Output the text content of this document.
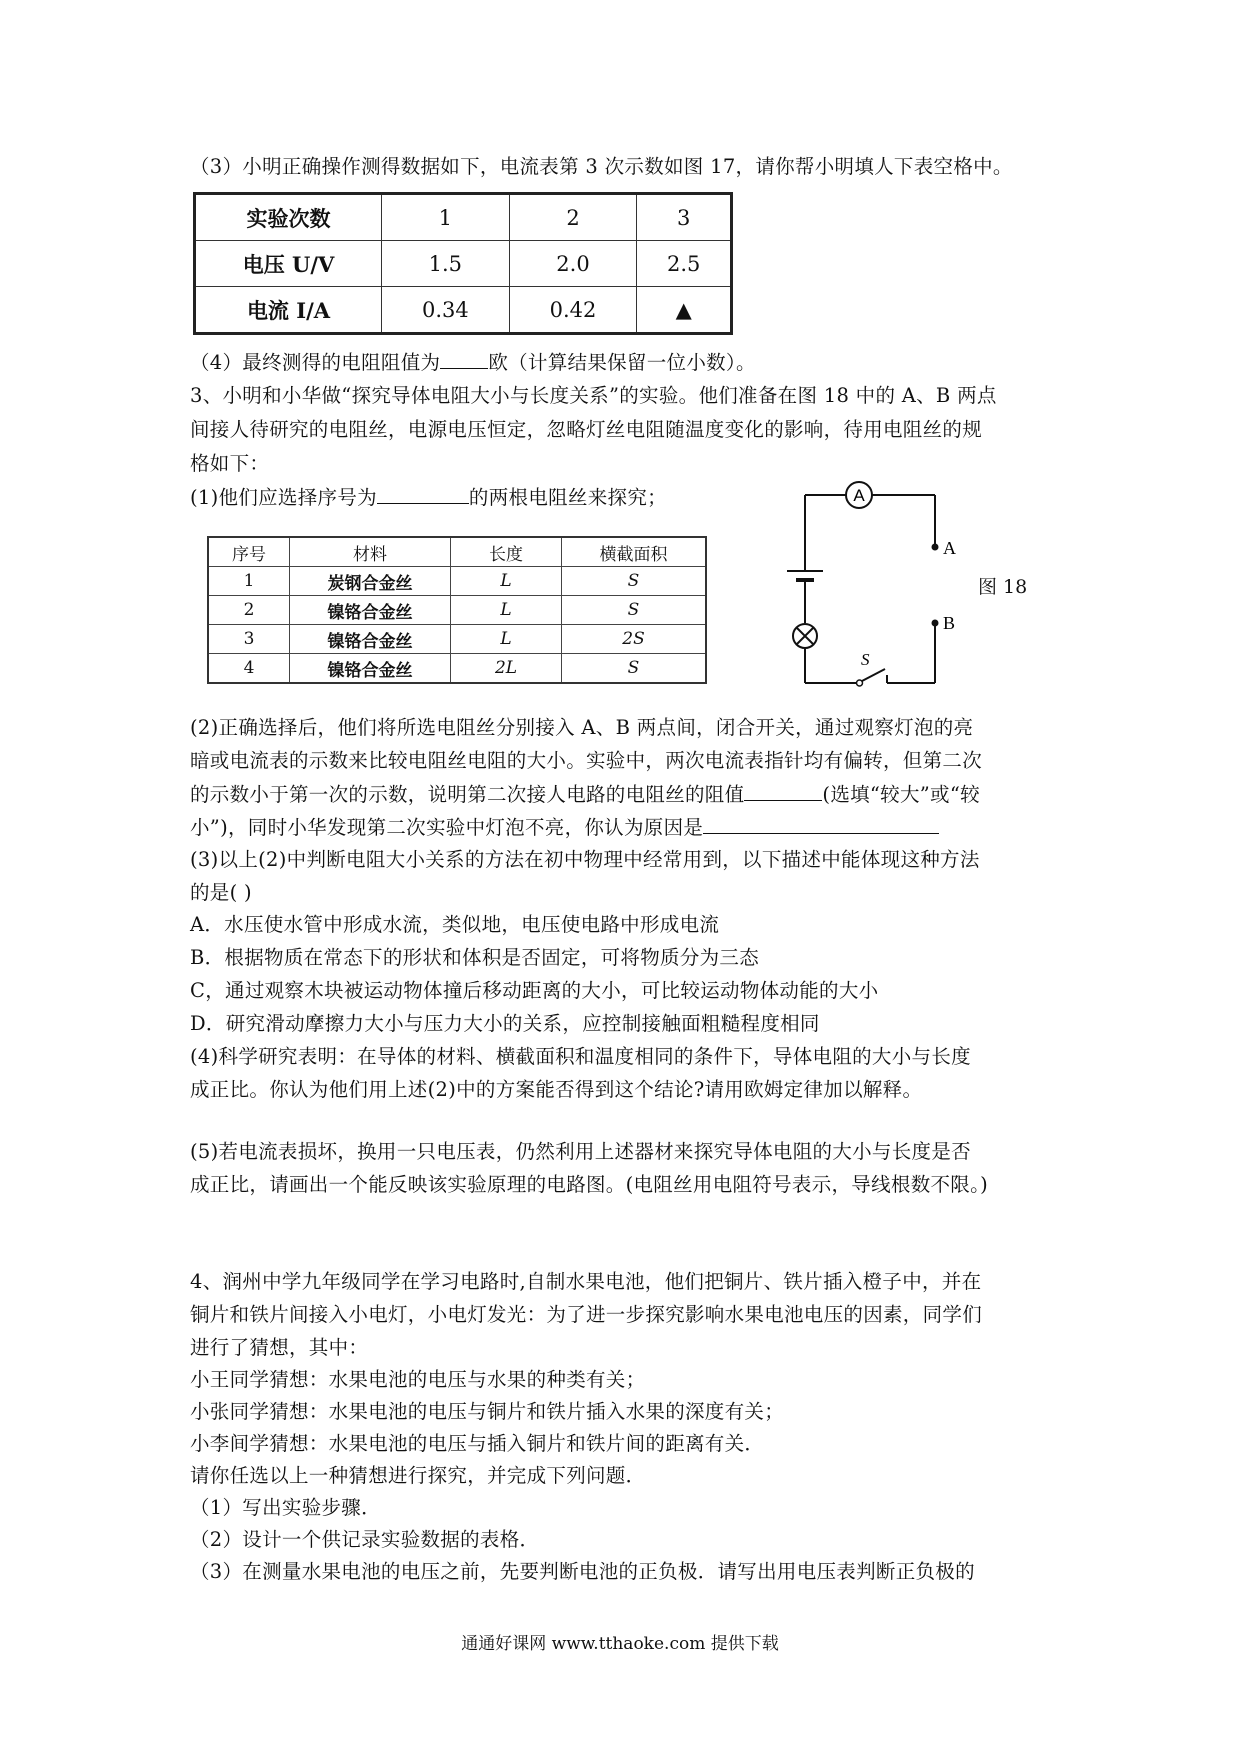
（3）小明正确操作测得数据如下，电流表第 3 次示数如图 17，请你帮小明填人下表空格中。
实验次数	1	2	3
电压 U/V	1.5	2.0	2.5
电流 I/A	0.34	0.42	▲
（4）最终测得的电阻阻值为 欧（计算结果保留一位小数）。
3、小明和小华做“探究导体电阻大小与长度关系”的实验。他们准备在图 18 中的 A、B 两点
间接人待研究的电阻丝，电源电压恒定，忽略灯丝电阻随温度变化的影响，待用电阻丝的规
格如下：
(1)他们应选择序号为	的两根电阻丝来探究；
序号	材料	长度	横截面积
1	炭钢合金丝	L	S
2	镍铬合金丝	L	S
3	镍铬合金丝	L	2S
4	镍铬合金丝	2L	S
A
A
B
S
图 18
(2)正确选择后，他们将所选电阻丝分别接入 A、B 两点间，闭合开关，通过观察灯泡的亮
暗或电流表的示数来比较电阻丝电阻的大小。实验中，两次电流表指针均有偏转，但第二次
的示数小于第一次的示数，说明第二次接人电路的电阻丝的阻值	(选填“较大”或“较
小”)，同时小华发现第二次实验中灯泡不亮，你认为原因是
(3)以上(2)中判断电阻大小关系的方法在初中物理中经常用到，以下描述中能体现这种方法
的是( )
A．水压使水管中形成水流，类似地，电压使电路中形成电流
B．根据物质在常态下的形状和体积是否固定，可将物质分为三态
C，通过观察木块被运动物体撞后移动距离的大小，可比较运动物体动能的大小
D．研究滑动摩擦力大小与压力大小的关系，应控制接触面粗糙程度相同
(4)科学研究表明：在导体的材料、横截面积和温度相同的条件下，导体电阻的大小与长度
成正比。你认为他们用上述(2)中的方案能否得到这个结论?请用欧姆定律加以解释。
(5)若电流表损坏，换用一只电压表，仍然利用上述器材来探究导体电阻的大小与长度是否
成正比，请画出一个能反映该实验原理的电路图。(电阻丝用电阻符号表示，导线根数不限。)
4、润州中学九年级同学在学习电路时,自制水果电池，他们把铜片、铁片插入橙子中，并在
铜片和铁片间接入小电灯，小电灯发光：为了进一步探究影响水果电池电压的因素，同学们
进行了猜想，其中：
小王同学猜想：水果电池的电压与水果的种类有关；
小张同学猜想：水果电池的电压与铜片和铁片插入水果的深度有关；
小李间学猜想：水果电池的电压与插入铜片和铁片间的距离有关．
请你任选以上一种猜想进行探究，并完成下列问题．
（1）写出实验步骤．
（2）设计一个供记录实验数据的表格．
（3）在测量水果电池的电压之前，先要判断电池的正负极．请写出用电压表判断正负极的
通通好课网 www.tthaoke.com 提供下载
